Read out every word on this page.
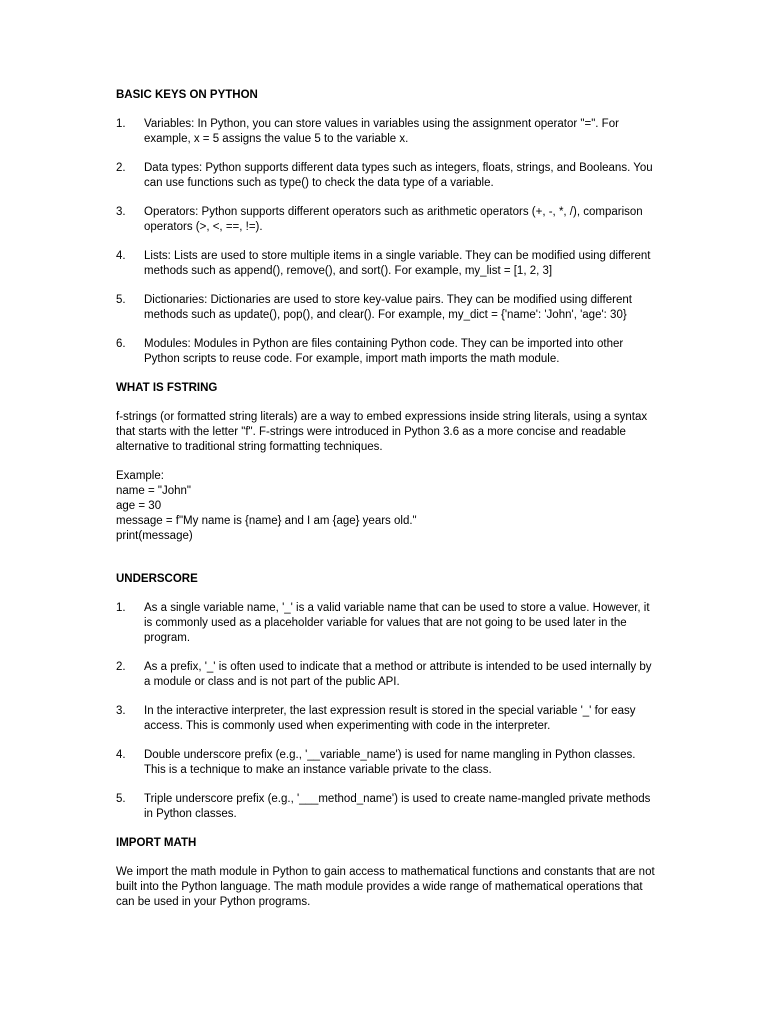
BASIC KEYS ON PYTHON
1.	Variables: In Python, you can store values in variables using the assignment operator "=". For example, x = 5 assigns the value 5 to the variable x.
2.	Data types: Python supports different data types such as integers, floats, strings, and Booleans. You can use functions such as type() to check the data type of a variable.
3.	Operators: Python supports different operators such as arithmetic operators (+, -, *, /), comparison operators (>, <, ==, !=).
4.	Lists: Lists are used to store multiple items in a single variable. They can be modified using different methods such as append(), remove(), and sort(). For example, my_list = [1, 2, 3]
5.	Dictionaries: Dictionaries are used to store key-value pairs. They can be modified using different methods such as update(), pop(), and clear(). For example, my_dict = {'name': 'John', 'age': 30}
6.	Modules: Modules in Python are files containing Python code. They can be imported into other Python scripts to reuse code. For example, import math imports the math module.
WHAT IS FSTRING
f-strings (or formatted string literals) are a way to embed expressions inside string literals, using a syntax that starts with the letter "f". F-strings were introduced in Python 3.6 as a more concise and readable alternative to traditional string formatting techniques.
Example:
name = "John"
age = 30
message = f"My name is {name} and I am {age} years old."
print(message)
UNDERSCORE
1.	As a single variable name, '_' is a valid variable name that can be used to store a value. However, it is commonly used as a placeholder variable for values that are not going to be used later in the program.
2.	As a prefix, '_' is often used to indicate that a method or attribute is intended to be used internally by a module or class and is not part of the public API.
3.	In the interactive interpreter, the last expression result is stored in the special variable '_' for easy access. This is commonly used when experimenting with code in the interpreter.
4.	Double underscore prefix (e.g., '__variable_name') is used for name mangling in Python classes. This is a technique to make an instance variable private to the class.
5.	Triple underscore prefix (e.g., '___method_name') is used to create name-mangled private methods in Python classes.
IMPORT MATH
We import the math module in Python to gain access to mathematical functions and constants that are not built into the Python language. The math module provides a wide range of mathematical operations that can be used in your Python programs.
